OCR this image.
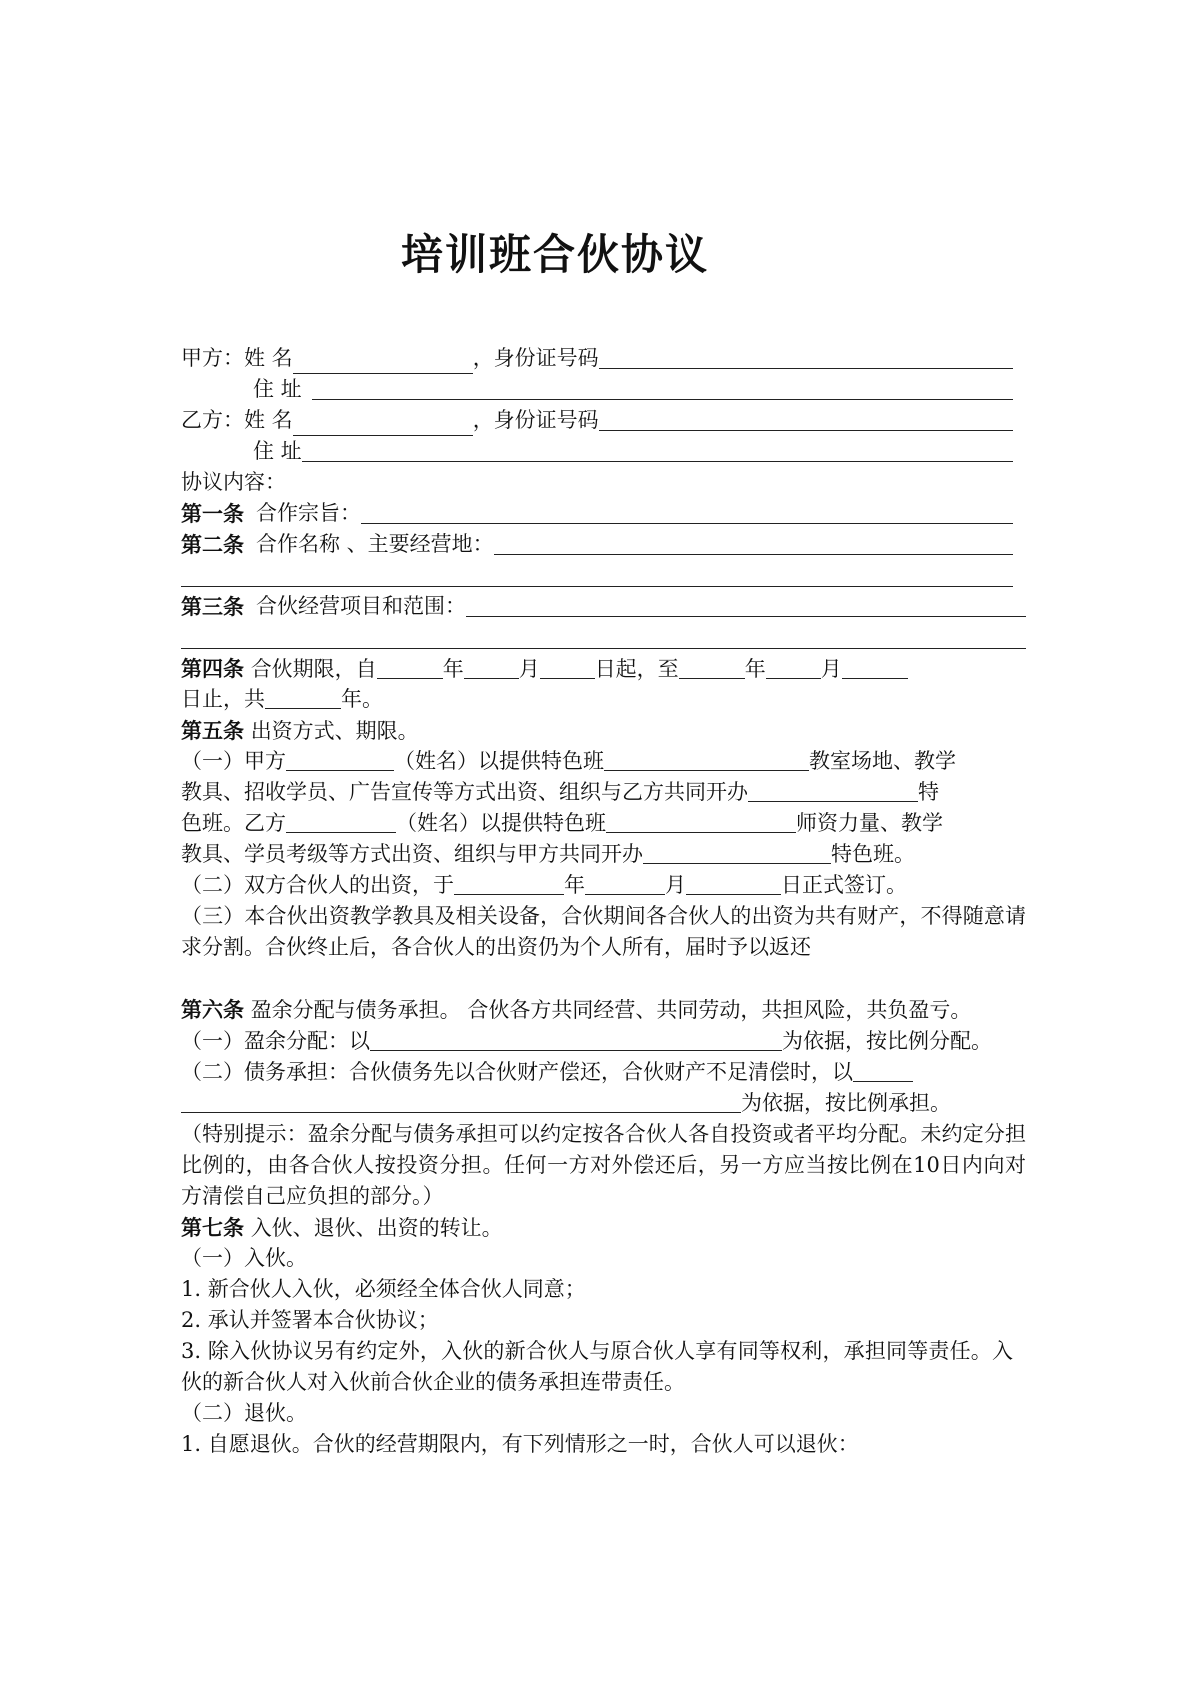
培训班合伙协议
甲方： 姓 名	，身份证号码
住 址
乙方： 姓 名	，身份证号码
住 址
协议内容：
第一条 合作宗旨：
第二条 合作名称 、主要经营地：
第三条 合伙经营项目和范围：
第四条 合伙期限，自	年	月	日起，至	年	月
日止，共	年。
第五条 出资方式、期限。
（一）甲方	（姓名）以提供特色班	教室场地、教学
教具、招收学员、广告宣传等方式出资、组织与乙方共同开办	特
色班。乙方	（姓名）以提供特色班	师资力量、教学
教具、学员考级等方式出资、组织与甲方共同开办	特色班。
（二）双方合伙人的出资，于	年	月	日正式签订。
（三）本合伙出资教学教具及相关设备，合伙期间各合伙人的出资为共有财产，不得随意请求分割。合伙终止后，各合伙人的出资仍为个人所有，届时予以返还
第六条 盈余分配与债务承担。 合伙各方共同经营、共同劳动，共担风险，共负盈亏。
（一）盈余分配：以	为依据，按比例分配。
（二）债务承担：合伙债务先以合伙财产偿还，合伙财产不足清偿时，以
为依据，按比例承担。
（特别提示：盈余分配与债务承担可以约定按各合伙人各自投资或者平均分配。未约定分担比例的，由各合伙人按投资分担。任何一方对外偿还后，另一方应当按比例在10日内向对方清偿自己应负担的部分。）
第七条 入伙、退伙、出资的转让。
（一）入伙。
1. 新合伙人入伙，必须经全体合伙人同意；
2. 承认并签署本合伙协议；
3. 除入伙协议另有约定外，入伙的新合伙人与原合伙人享有同等权利，承担同等责任。入伙的新合伙人对入伙前合伙企业的债务承担连带责任。
（二）退伙。
1. 自愿退伙。合伙的经营期限内，有下列情形之一时，合伙人可以退伙：
